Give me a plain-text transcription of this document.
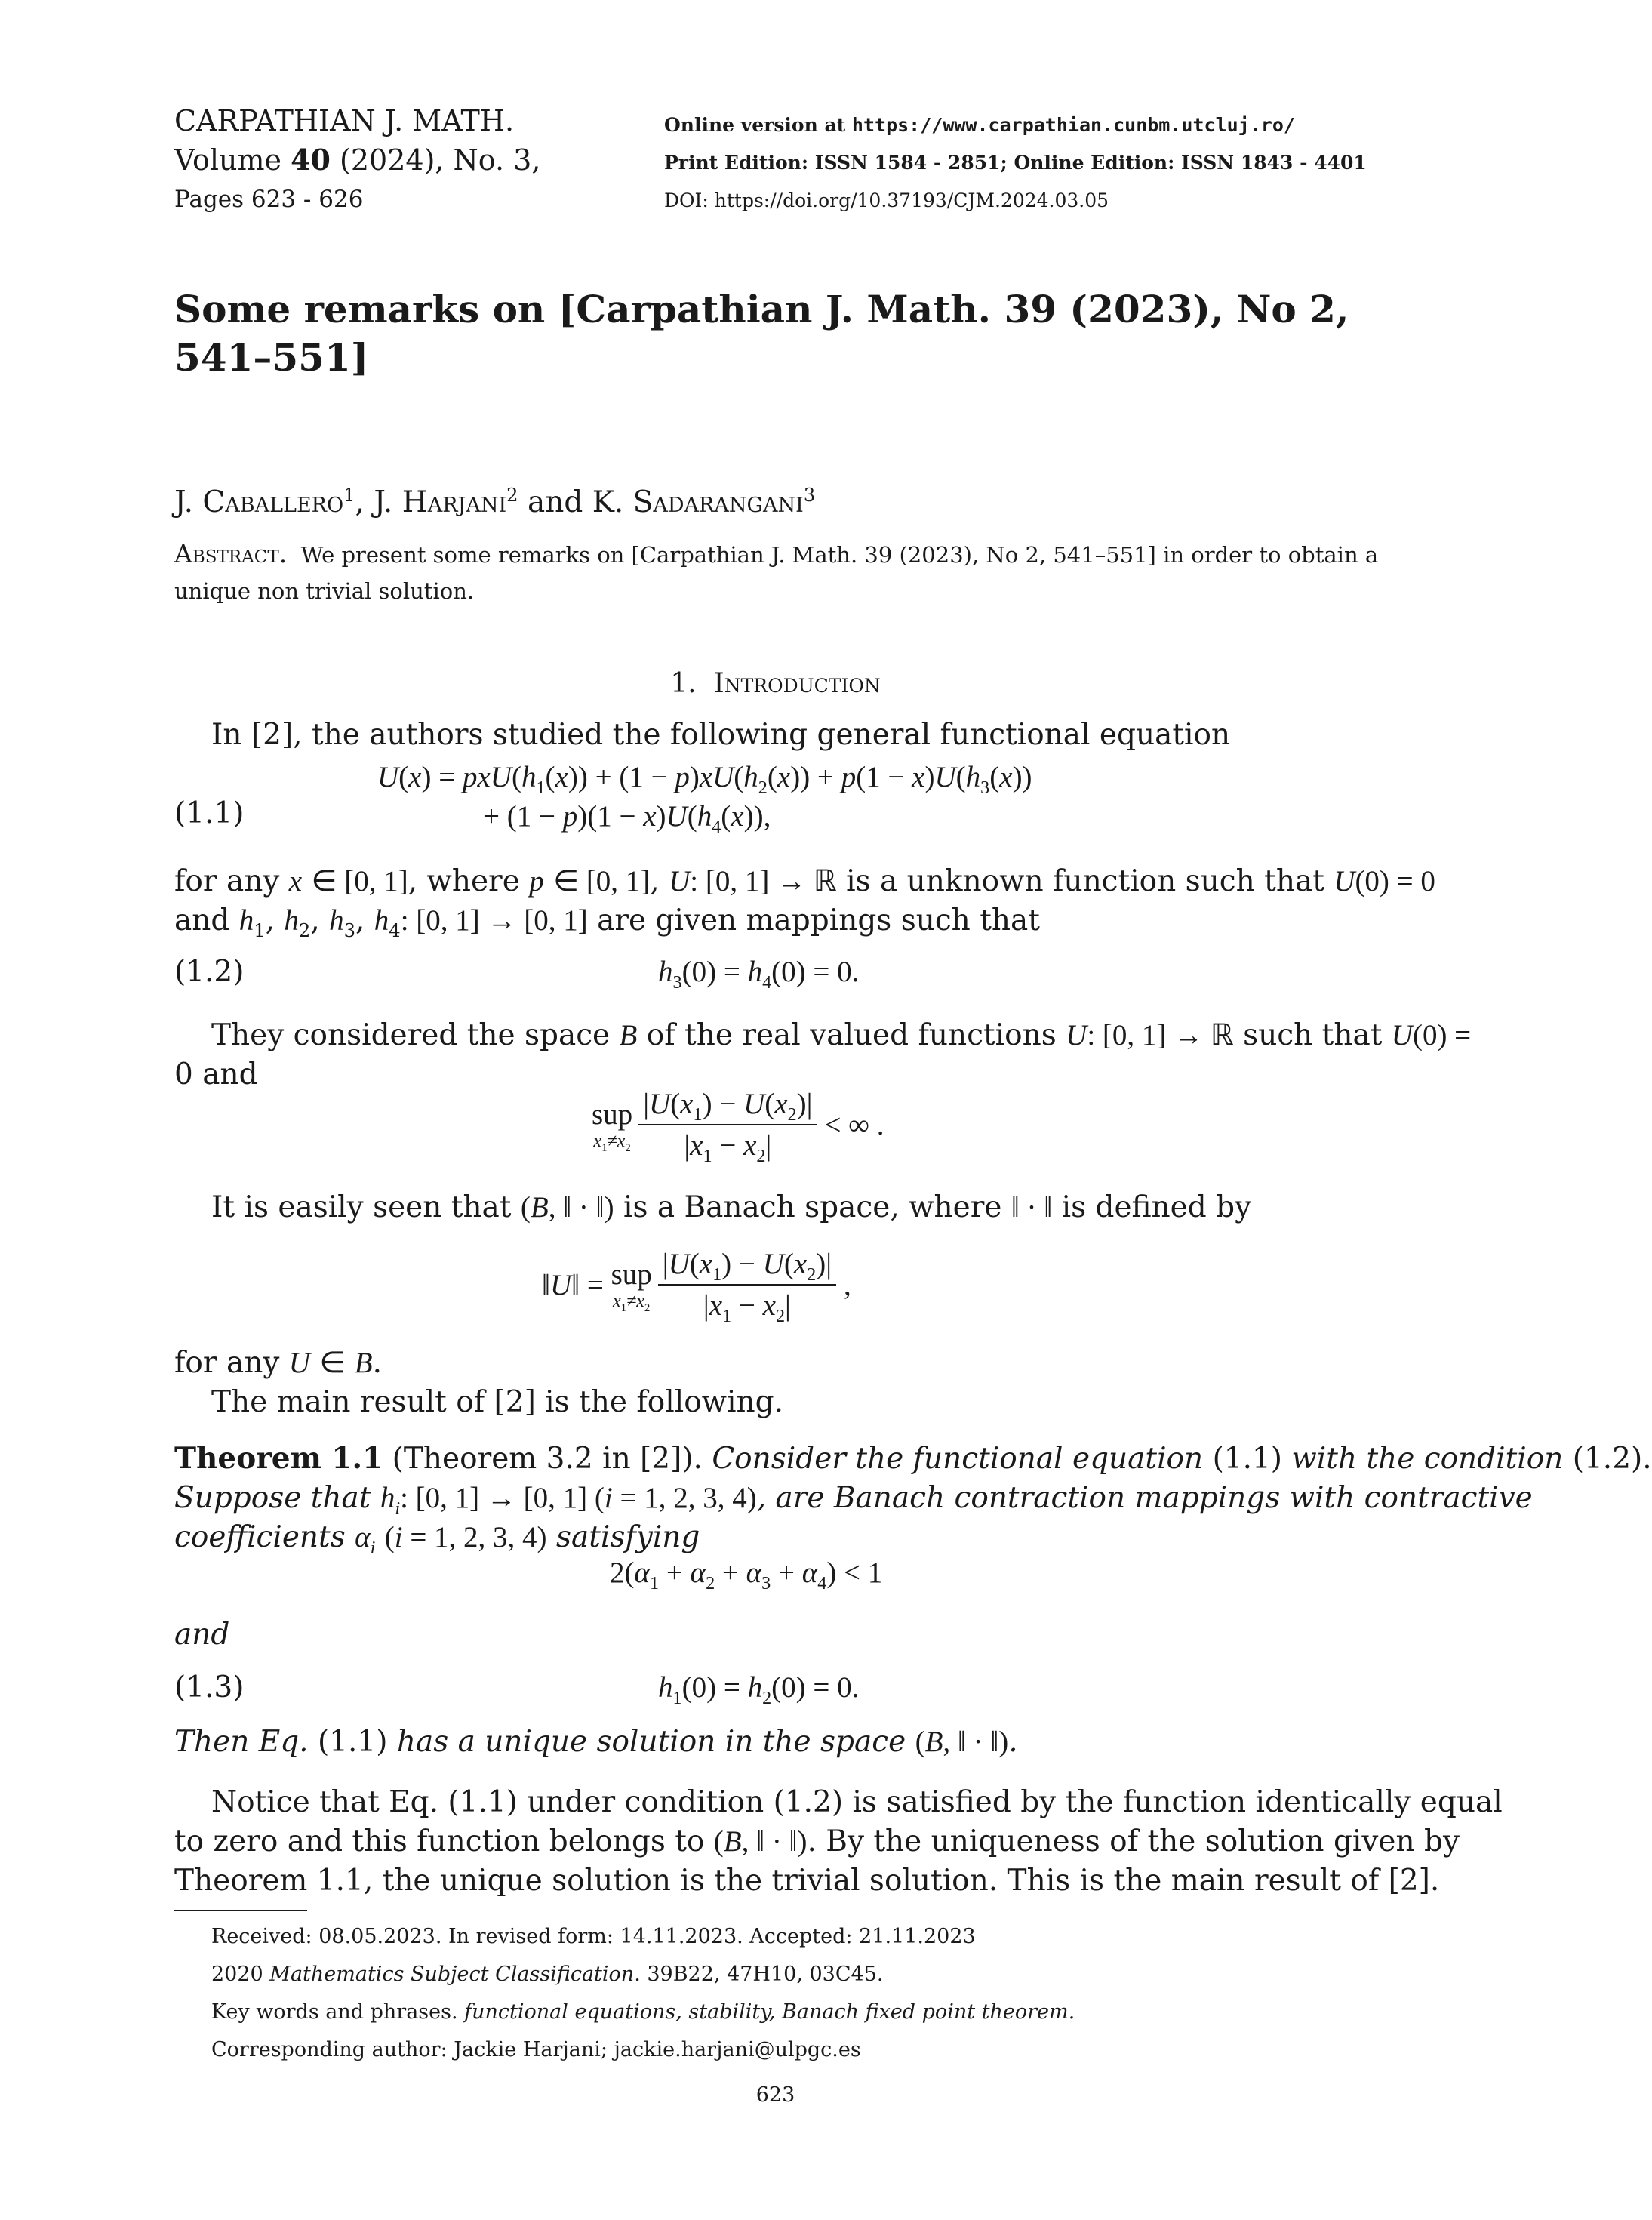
CARPATHIAN J. MATH.
Volume 40 (2024), No. 3,
Pages 623 - 626
Online version at https://www.carpathian.cunbm.utcluj.ro/
Print Edition: ISSN 1584 - 2851; Online Edition: ISSN 1843 - 4401
DOI: https://doi.org/10.37193/CJM.2024.03.05
Some remarks on [Carpathian J. Math. 39 (2023), No 2,
541–551]
J. Caballero$^1$, J. Harjani$^2$ and K. Sadarangani$^3$
Abstract. We present some remarks on [Carpathian J. Math. 39 (2023), No 2, 541–551] in order to obtain a
unique non trivial solution.
1. Introduction
In [2], the authors studied the following general functional equation
(1.1)
$U(x) = pxU(h_1(x)) + (1 - p)xU(h_2(x)) + p(1 - x)U(h_3(x))$
+ $(1 - p)(1 - x)U(h_4(x))$,
for any x ∈ [0, 1], where p ∈ [0, 1], U: [0, 1] → ℝ is a unknown function such that U(0) = 0
and $h_1$, $h_2$, $h_3$, $h_4$: [0, 1] → [0, 1] are given mappings such that
(1.2)	$h_3(0) = h_4(0) = 0$.
They considered the space B of the real valued functions U: [0, 1] → ℝ such that U(0) =
0 and
sup
$x_1\ne x_2 \frac{|U(x_1) - U(x_2)|}{|x_1 - x_2|}$ < ∞ .
It is easily seen that (B, ‖ · ‖) is a Banach space, where ‖ · ‖ is defined by
‖U‖ = sup
$x_1\ne x_2 \frac{|U(x_1) - U(x_2)|}{|x_1 - x_2|}$ ,
for any U ∈ B.
The main result of [2] is the following.
Theorem 1.1 (Theorem 3.2 in [2]). Consider the functional equation (1.1) with the condition (1.2).
Suppose that $h_i$: [0, 1] → [0, 1] (i = 1, 2, 3, 4), are Banach contraction mappings with contractive
coefficients $\alpha_i$ (i = 1, 2, 3, 4) satisfying
$2(\alpha_1 + \alpha_2 + \alpha_3 + \alpha_4) < 1$
and
(1.3)	$h_1(0) = h_2(0) = 0$.
Then Eq. (1.1) has a unique solution in the space (B, ‖ · ‖).
Notice that Eq. (1.1) under condition (1.2) is satisfied by the function identically equal
to zero and this function belongs to (B, ‖ · ‖). By the uniqueness of the solution given by
Theorem 1.1, the unique solution is the trivial solution. This is the main result of [2].
Received: 08.05.2023. In revised form: 14.11.2023. Accepted: 21.11.2023
2020 Mathematics Subject Classification. 39B22, 47H10, 03C45.
Key words and phrases. functional equations, stability, Banach fixed point theorem.
Corresponding author: Jackie Harjani; jackie.harjani@ulpgc.es
623
